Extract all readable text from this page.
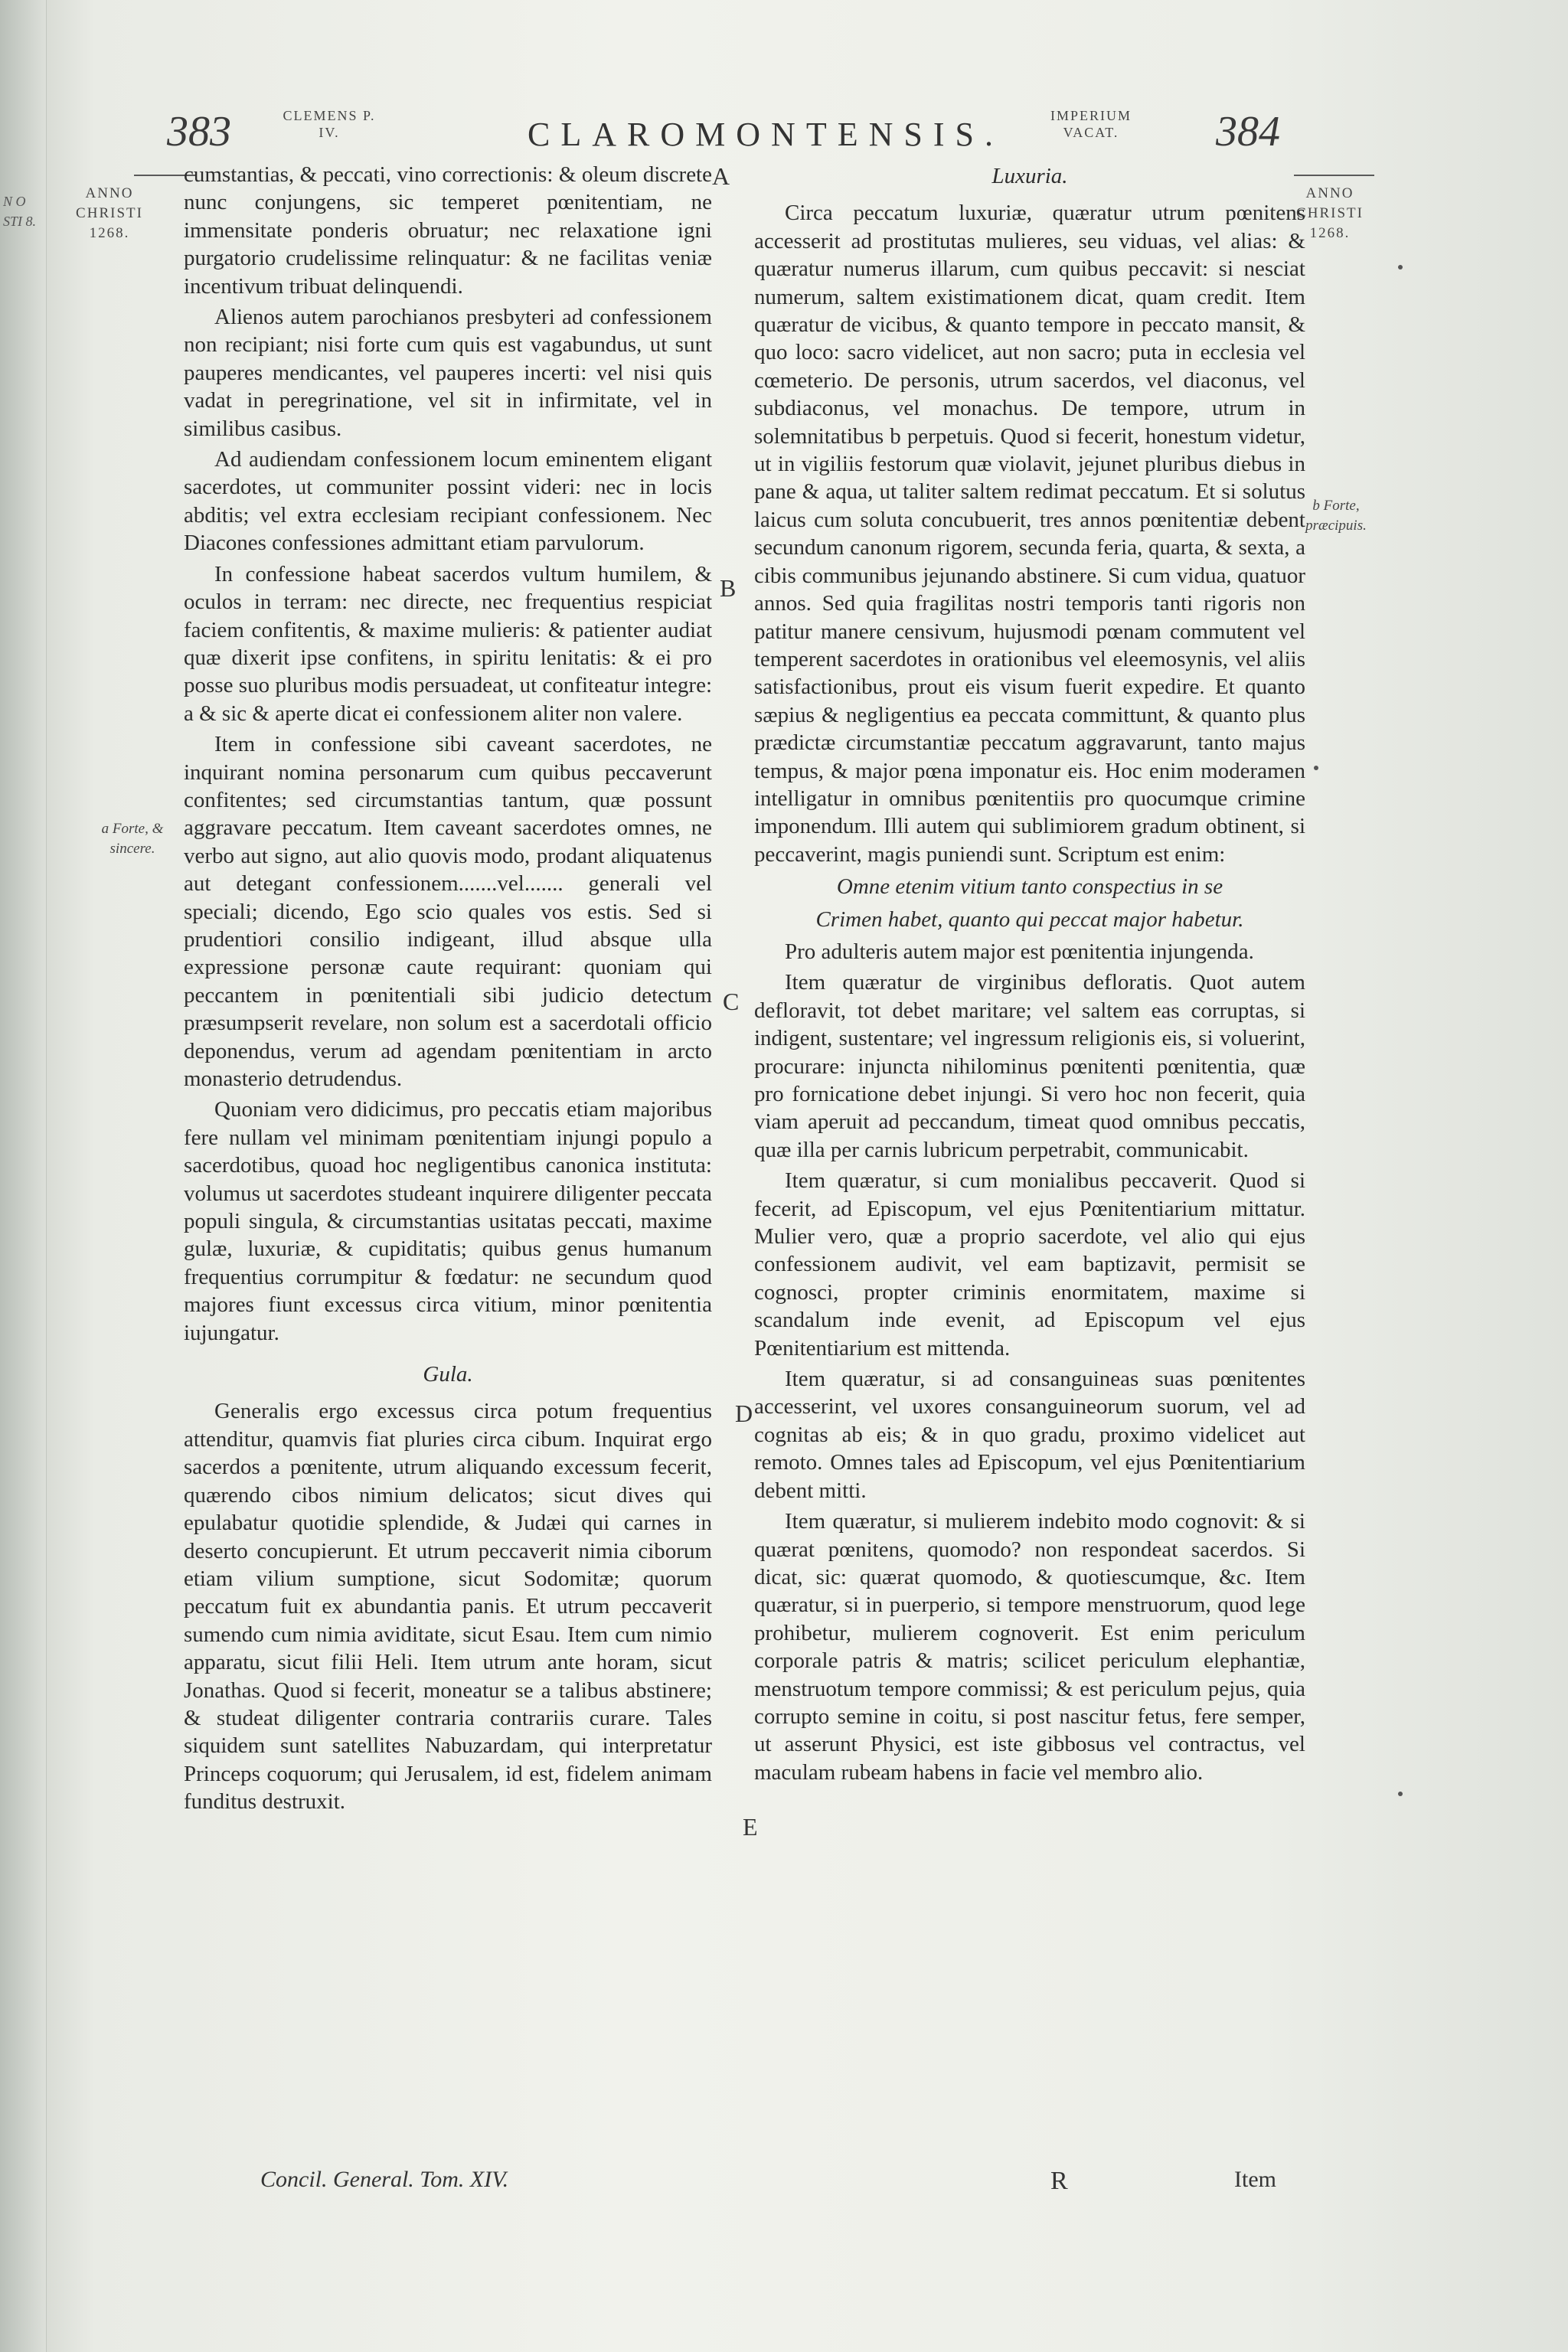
N O STI 8.
383	CLEMENS P. IV.	CLAROMONTENSIS.	IMPERIUM VACAT.	384
ANNO CHRISTI 1268.
ANNO CHRISTI 1268.
a Forte, & sincere.
b Forte, præcipuis.
A
B
C
D
E

cumstantias, & peccati, vino correctionis: & oleum discrete nunc conjungens, sic temperet pœnitentiam, ne immensitate ponderis obruatur; nec relaxatione igni purgatorio crudelissime relinquatur: & ne facilitas veniæ incentivum tribuat delinquendi.

Alienos autem parochianos presbyteri ad confessionem non recipiant; nisi forte cum quis est vagabundus, ut sunt pauperes mendicantes, vel pauperes incerti: vel nisi quis vadat in peregrinatione, vel sit in infirmitate, vel in similibus casibus.

Ad audiendam confessionem locum eminentem eligant sacerdotes, ut communiter possint videri: nec in locis abditis; vel extra ecclesiam recipiant confessionem. Nec Diacones confessiones admittant etiam parvulorum.

In confessione habeat sacerdos vultum humilem, & oculos in terram: nec directe, nec frequentius respiciat faciem confitentis, & maxime mulieris: & patienter audiat quæ dixerit ipse confitens, in spiritu lenitatis: & ei pro posse suo pluribus modis persuadeat, ut confiteatur integre: a & sic & aperte dicat ei confessionem aliter non valere.

Item in confessione sibi caveant sacerdotes, ne inquirant nomina personarum cum quibus peccaverunt confitentes; sed circumstantias tantum, quæ possunt aggravare peccatum. Item caveant sacerdotes omnes, ne verbo aut signo, aut alio quovis modo, prodant aliquatenus aut detegant confessionem.......vel....... generali vel speciali; dicendo, Ego scio quales vos estis. Sed si prudentiori consilio indigeant, illud absque ulla expressione personæ caute requirant: quoniam qui peccantem in pœnitentiali sibi judicio detectum præsumpserit revelare, non solum est a sacerdotali officio deponendus, verum ad agendam pœnitentiam in arcto monasterio detrudendus.

Quoniam vero didicimus, pro peccatis etiam majoribus fere nullam vel minimam pœnitentiam injungi populo a sacerdotibus, quoad hoc negligentibus canonica instituta: volumus ut sacerdotes studeant inquirere diligenter peccata populi singula, & circumstantias usitatas peccati, maxime gulæ, luxuriæ, & cupiditatis; quibus genus humanum frequentius corrumpitur & fœdatur: ne secundum quod majores fiunt excessus circa vitium, minor pœnitentia iujungatur.

Gula.

Generalis ergo excessus circa potum frequentius attenditur, quamvis fiat pluries circa cibum. Inquirat ergo sacerdos a pœnitente, utrum aliquando excessum fecerit, quærendo cibos nimium delicatos; sicut dives qui epulabatur quotidie splendide, & Judæi qui carnes in deserto concupierunt. Et utrum peccaverit nimia ciborum etiam vilium sumptione, sicut Sodomitæ; quorum peccatum fuit ex abundantia panis. Et utrum peccaverit sumendo cum nimia aviditate, sicut Esau. Item cum nimio apparatu, sicut filii Heli. Item utrum ante horam, sicut Jonathas. Quod si fecerit, moneatur se a talibus abstinere; & studeat diligenter contraria contrariis curare. Tales siquidem sunt satellites Nabuzardam, qui interpretatur Princeps coquorum; qui Jerusalem, id est, fidelem animam funditus destruxit.

Luxuria.

Circa peccatum luxuriæ, quæratur utrum pœnitens accesserit ad prostitutas mulieres, seu viduas, vel alias: & quæratur numerus illarum, cum quibus peccavit: si nesciat numerum, saltem existimationem dicat, quam credit. Item quæratur de vicibus, & quanto tempore in peccato mansit, & quo loco: sacro videlicet, aut non sacro; puta in ecclesia vel cœmeterio. De personis, utrum sacerdos, vel diaconus, vel subdiaconus, vel monachus. De tempore, utrum in solemnitatibus b perpetuis. Quod si fecerit, honestum videtur, ut in vigiliis festorum quæ violavit, jejunet pluribus diebus in pane & aqua, ut taliter saltem redimat peccatum. Et si solutus laicus cum soluta concubuerit, tres annos pœnitentiæ debent secundum canonum rigorem, secunda feria, quarta, & sexta, a cibis communibus jejunando abstinere. Si cum vidua, quatuor annos. Sed quia fragilitas nostri temporis tanti rigoris non patitur manere censivum, hujusmodi pœnam commutent vel temperent sacerdotes in orationibus vel eleemosynis, vel aliis satisfactionibus, prout eis visum fuerit expedire. Et quanto sæpius & negligentius ea peccata committunt, & quanto plus prædictæ circumstantiæ peccatum aggravarunt, tanto majus tempus, & major pœna imponatur eis. Hoc enim moderamen intelligatur in omnibus pœnitentiis pro quocumque crimine imponendum. Illi autem qui sublimiorem gradum obtinent, si peccaverint, magis puniendi sunt. Scriptum est enim:

Omne etenim vitium tanto conspectius in se

Crimen habet, quanto qui peccat major habetur.

Pro adulteris autem major est pœnitentia injungenda.

Item quæratur de virginibus defloratis. Quot autem defloravit, tot debet maritare; vel saltem eas corruptas, si indigent, sustentare; vel ingressum religionis eis, si voluerint, procurare: injuncta nihilominus pœnitenti pœnitentia, quæ pro fornicatione debet injungi. Si vero hoc non fecerit, quia viam aperuit ad peccandum, timeat quod omnibus peccatis, quæ illa per carnis lubricum perpetrabit, communicabit.

Item quæratur, si cum monialibus peccaverit. Quod si fecerit, ad Episcopum, vel ejus Pœnitentiarium mittatur. Mulier vero, quæ a proprio sacerdote, vel alio qui ejus confessionem audivit, vel eam baptizavit, permisit se cognosci, propter criminis enormitatem, maxime si scandalum inde evenit, ad Episcopum vel ejus Pœnitentiarium est mittenda.

Item quæratur, si ad consanguineas suas pœnitentes accesserint, vel uxores consanguineorum suorum, vel ad cognitas ab eis; & in quo gradu, proximo videlicet aut remoto. Omnes tales ad Episcopum, vel ejus Pœnitentiarium debent mitti.

Item quæratur, si mulierem indebito modo cognovit: & si quærat pœnitens, quomodo? non respondeat sacerdos. Si dicat, sic: quærat quomodo, & quotiescumque, &c. Item quæratur, si in puerperio, si tempore menstruorum, quod lege prohibetur, mulierem cognoverit. Est enim periculum corporale patris & matris; scilicet periculum elephantiæ, menstruotum tempore commissi; & est periculum pejus, quia corrupto semine in coitu, si post nascitur fetus, fere semper, ut asserunt Physici, est iste gibbosus vel contractus, vel maculam rubeam habens in facie vel membro alio.

Concil. General. Tom. XIV.	R	Item
